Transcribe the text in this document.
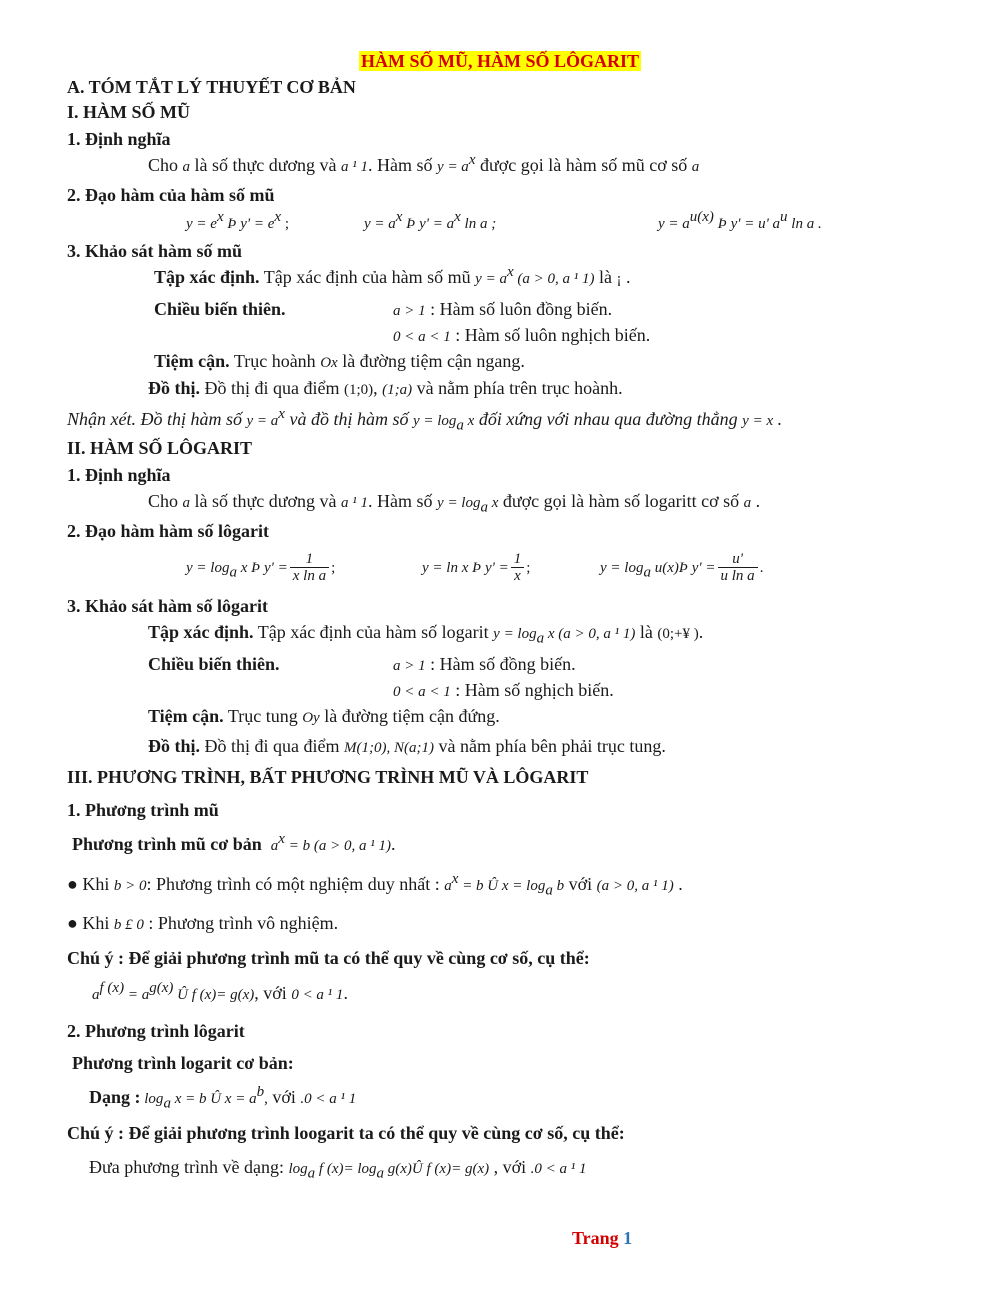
HÀM SỐ MŨ, HÀM SỐ LÔGARIT
A. TÓM TẮT LÝ THUYẾT CƠ BẢN
I. HÀM SỐ MŨ
1. Định nghĩa
Cho a là số thực dương và a ¹ 1. Hàm số $y = a^x$ được gọi là hàm số mũ cơ số a
2. Đạo hàm của hàm số mũ
$y = e^x$ Þ $y' = e^x$ ;	$y = a^x$ Þ $y' = a^x$ ln a ;	$y = a^{u(x)}$ Þ y' = u' $a^u$ ln a .
3. Khảo sát hàm số mũ
Tập xác định. Tập xác định của hàm số mũ $y = a^x$ (a > 0, a ¹ 1) là ¡ .
Chiều biến thiên.	a > 1 : Hàm số luôn đồng biến.
0 < a < 1 : Hàm số luôn nghịch biến.
Tiệm cận. Trục hoành Ox là đường tiệm cận ngang.
Đồ thị. Đồ thị đi qua điểm (1;0), (1;a) và nằm phía trên trục hoành.
Nhận xét. Đồ thị hàm số $y = a^x$ và đồ thị hàm số $y = \log_a x$ đối xứng với nhau qua đường thẳng y = x .
II. HÀM SỐ LÔGARIT
1. Định nghĩa
Cho a là số thực dương và a ¹ 1. Hàm số $y = \log_a x$ được gọi là hàm số logaritt cơ số a .
2. Đạo hàm hàm số lôgarit
$y = \log_a x$ Þ $y' = \frac{1}{\text{x ln a}}$ ;	y = ln x Þ $y' = \frac{1}{x}$ ;	$y = \log_a$ u(x)Þ $y' = \frac{u'}{\text{u ln a}}$ .
3. Khảo sát hàm số lôgarit
Tập xác định. Tập xác định của hàm số logarit $y = \log_a x$ (a > 0, a ¹ 1) là (0;+¥ ).
Chiều biến thiên.	a > 1 : Hàm số đồng biến.
0 < a < 1 : Hàm số nghịch biến.
Tiệm cận. Trục tung Oy là đường tiệm cận đứng.
Đồ thị. Đồ thị đi qua điểm M(1;0), N(a;1) và nằm phía bên phải trục tung.
III. PHƯƠNG TRÌNH, BẤT PHƯƠNG TRÌNH MŨ VÀ LÔGARIT
1. Phương trình mũ
Phương trình mũ cơ bản $a^x = b$ (a > 0, a ¹ 1).
● Khi b > 0: Phương trình có một nghiệm duy nhất : $a^x = b$ Û $x = \log_a b$ với (a > 0, a ¹ 1) .
● Khi b £ 0 : Phương trình vô nghiệm.
Chú ý : Để giải phương trình mũ ta có thể quy về cùng cơ số, cụ thể:
$a^{f (x)} = a^{g(x)}$ Û f (x)= g(x), với 0 < a ¹ 1.
2. Phương trình lôgarit
Phương trình logarit cơ bản:
Dạng : $\log_a x = b$ Û $x = a^b$, với .0 < a ¹ 1
Chú ý : Để giải phương trình loogarit ta có thể quy về cùng cơ số, cụ thể:
Đưa phương trình về dạng: $\log_a f$ $(x)= \log_a$ g(x)Û f (x)= g(x) , với .0 < a ¹ 1
Trang 1
